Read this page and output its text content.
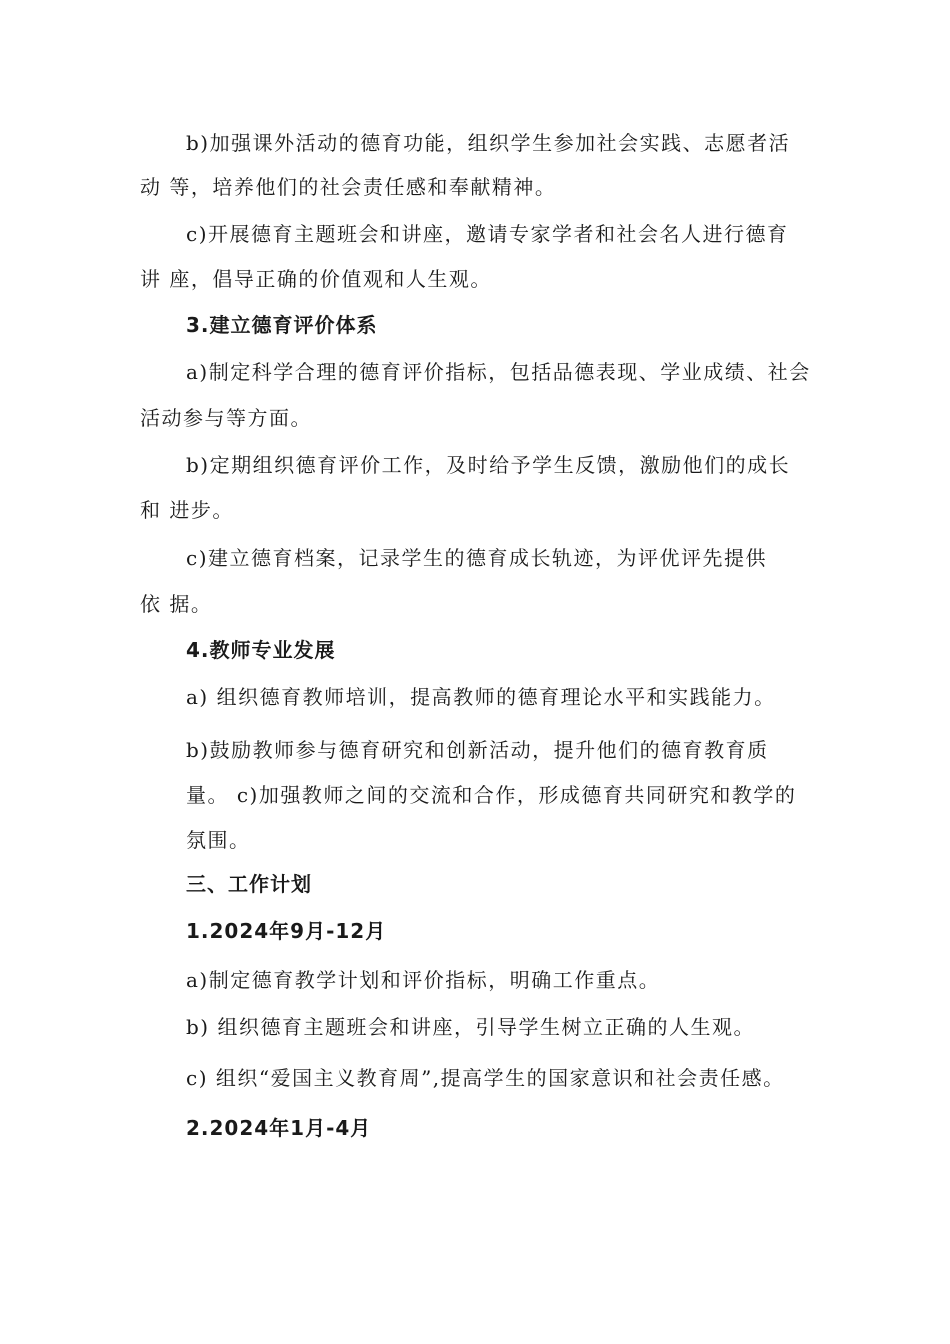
b)加强课外活动的德育功能，组织学生参加社会实践、志愿者活
动 等，培养他们的社会责任感和奉献精神。
c)开展德育主题班会和讲座，邀请专家学者和社会名人进行德育
讲 座，倡导正确的价值观和人生观。
3.建立德育评价体系
a)制定科学合理的德育评价指标，包括品德表现、学业成绩、社会
活动参与等方面。
b)定期组织德育评价工作，及时给予学生反馈，激励他们的成长
和 进步。
c)建立德育档案，记录学生的德育成长轨迹，为评优评先提供
依 据。
4.教师专业发展
a) 组织德育教师培训，提高教师的德育理论水平和实践能力。
b)鼓励教师参与德育研究和创新活动，提升他们的德育教育质
量。 c)加强教师之间的交流和合作，形成德育共同研究和教学的
氛围。
三、工作计划
1.2024年9月-12月
a)制定德育教学计划和评价指标，明确工作重点。
b) 组织德育主题班会和讲座，引导学生树立正确的人生观。
c) 组织“爱国主义教育周”,提高学生的国家意识和社会责任感。
2.2024年1月-4月
